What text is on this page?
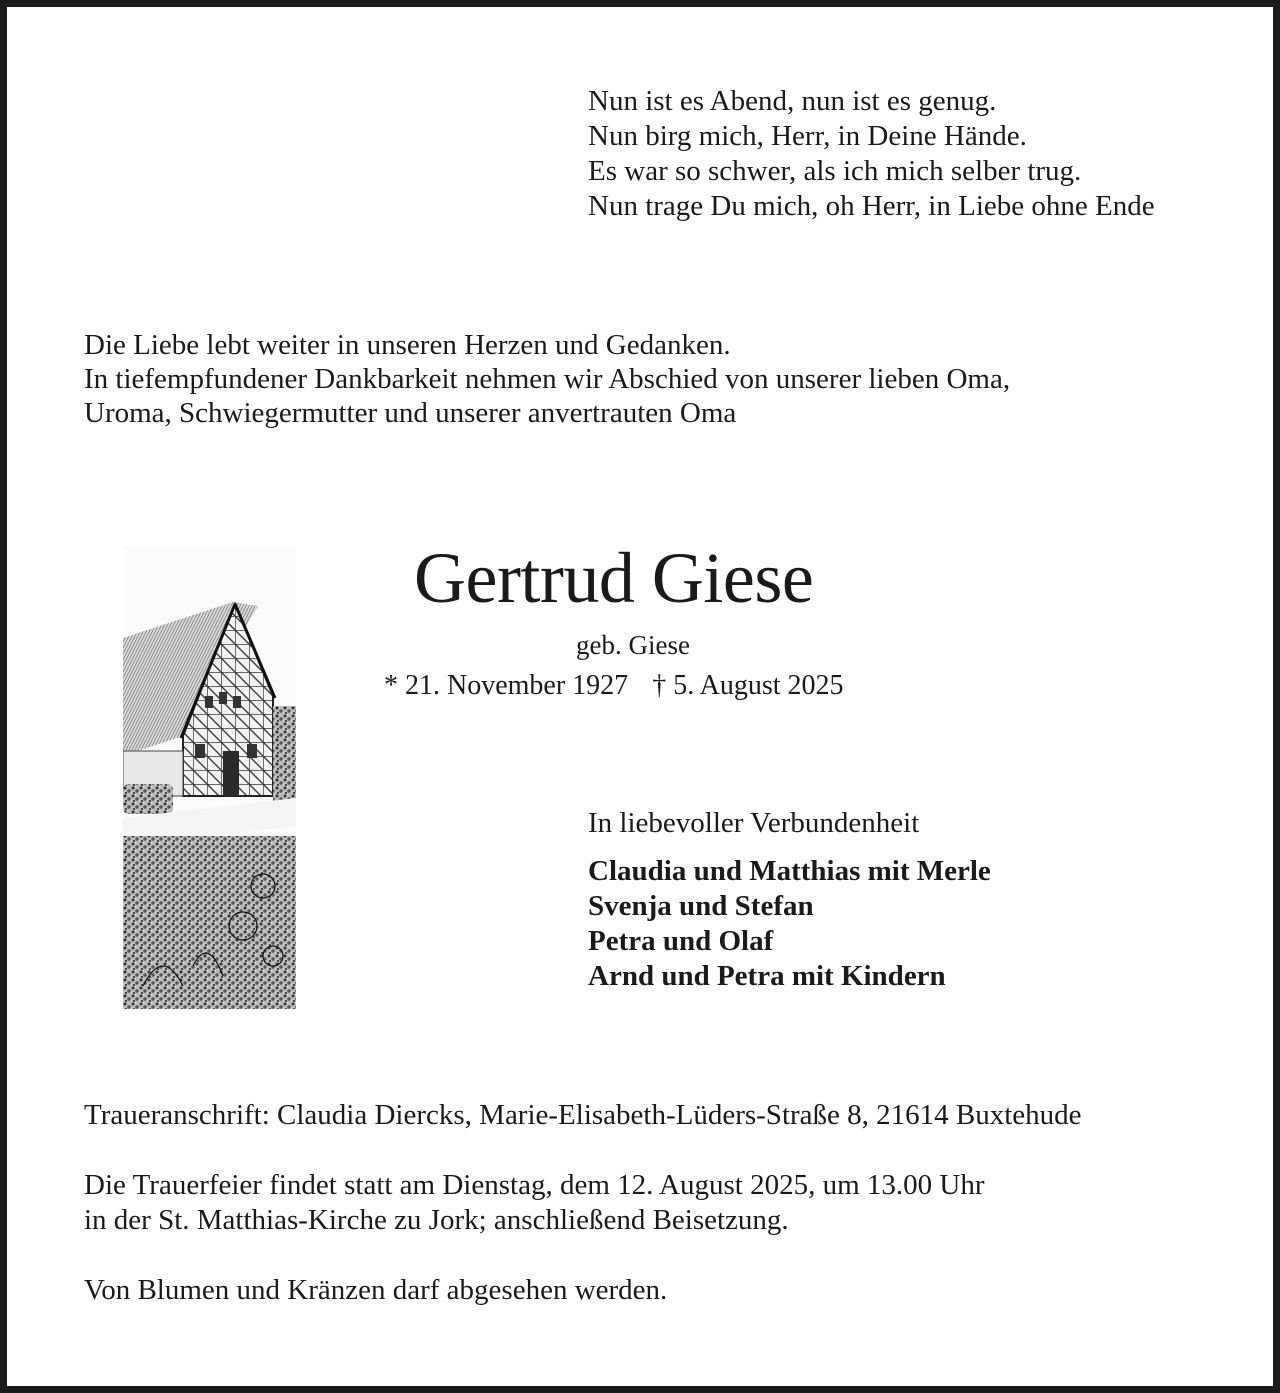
Nun ist es Abend, nun ist es genug.
Nun birg mich, Herr, in Deine Hände.
Es war so schwer, als ich mich selber trug.
Nun trage Du mich, oh Herr, in Liebe ohne Ende
Die Liebe lebt weiter in unseren Herzen und Gedanken.
In tiefempfundener Dankbarkeit nehmen wir Abschied von unserer lieben Oma,
Uroma, Schwiegermutter und unserer anvertrauten Oma
Gertrud Giese
geb. Giese
* 21. November 1927 † 5. August 2025
In liebevoller Verbundenheit
Claudia und Matthias mit Merle
Svenja und Stefan
Petra und Olaf
Arnd und Petra mit Kindern
Traueranschrift: Claudia Diercks, Marie-Elisabeth-Lüders-Straße 8, 21614 Buxtehude
Die Trauerfeier findet statt am Dienstag, dem 12. August 2025, um 13.00 Uhr
in der St. Matthias-Kirche zu Jork; anschließend Beisetzung.
Von Blumen und Kränzen darf abgesehen werden.
